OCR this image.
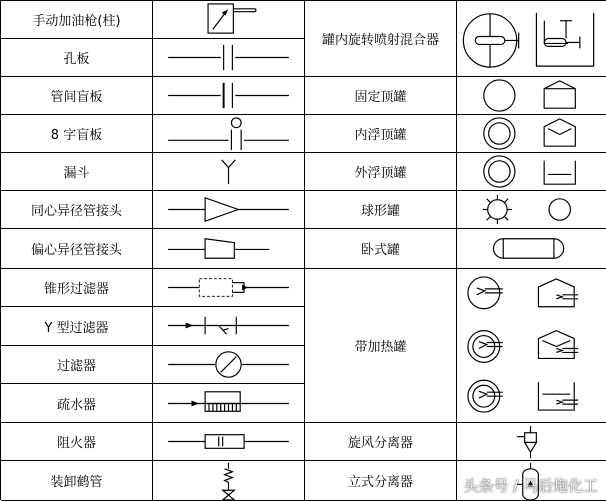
手动加油枪(柱)
孔板
管间盲板
8 字盲板
漏斗
同心异径管接头
偏心异径管接头
锥形过滤器
Y 型过滤器
过滤器
疏水器
阻火器
装卸鹤管
罐内旋转喷射混合器
固定顶罐
内浮顶罐
外浮顶罐
球形罐
卧式罐
带加热罐
旋风分离器
立式分离器	头条号 / 马后炮化工
